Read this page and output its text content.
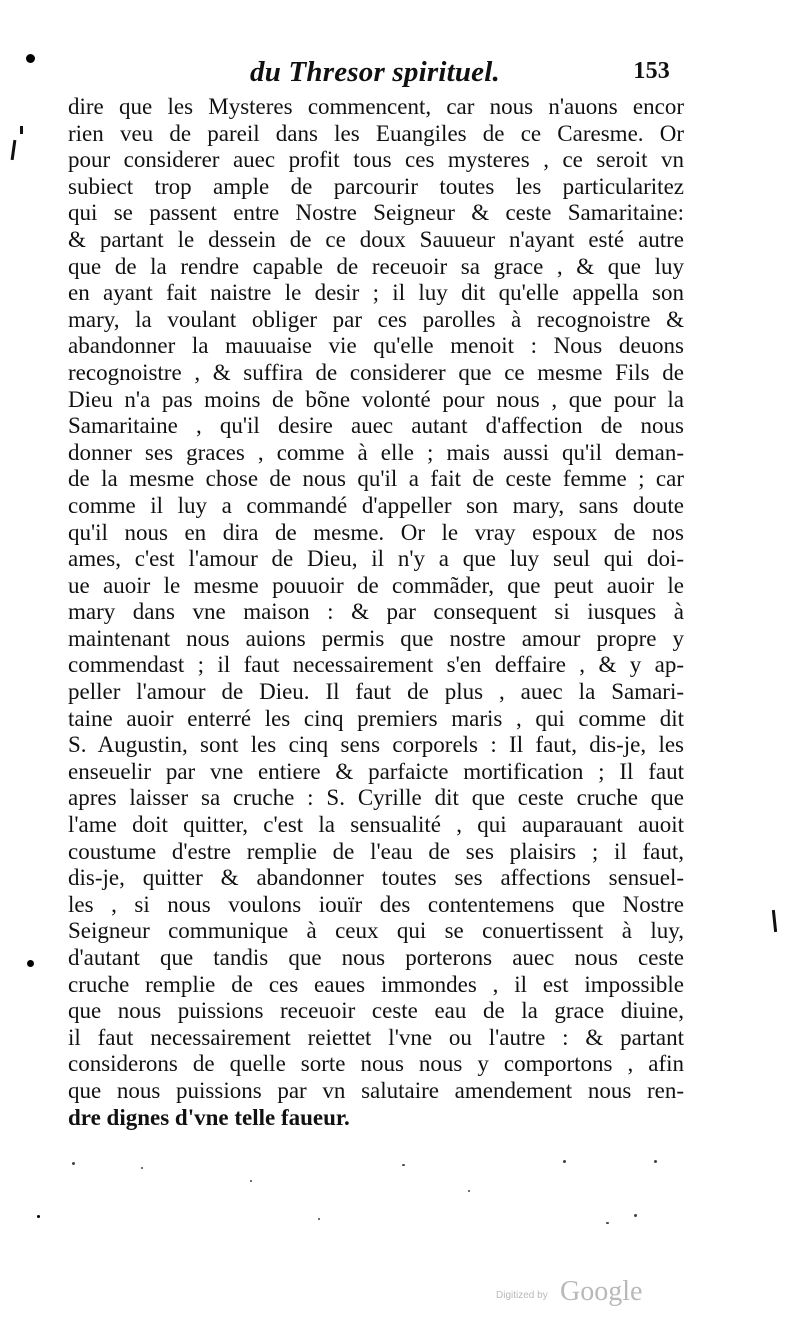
du Thresor spirituel.	153
dire que les Mysteres commencent, car nous n'auons encor
rien veu de pareil dans les Euangiles de ce Caresme. Or
pour considerer auec profit tous ces mysteres , ce seroit vn
subiect trop ample de parcourir toutes les particularitez
qui se passent entre Nostre Seigneur & ceste Samaritaine:
& partant le dessein de ce doux Sauueur n'ayant esté autre
que de la rendre capable de receuoir sa grace , & que luy
en ayant fait naistre le desir ; il luy dit qu'elle appella son
mary, la voulant obliger par ces parolles à recognoistre &
abandonner la mauuaise vie qu'elle menoit : Nous deuons
recognoistre , & suffira de considerer que ce mesme Fils de
Dieu n'a pas moins de bõne volonté pour nous , que pour la
Samaritaine , qu'il desire auec autant d'affection de nous
donner ses graces , comme à elle ; mais aussi qu'il deman-
de la mesme chose de nous qu'il a fait de ceste femme ; car
comme il luy a commandé d'appeller son mary, sans doute
qu'il nous en dira de mesme. Or le vray espoux de nos
ames, c'est l'amour de Dieu, il n'y a que luy seul qui doi-
ue auoir le mesme pouuoir de commãder, que peut auoir le
mary dans vne maison : & par consequent si iusques à
maintenant nous auions permis que nostre amour propre y
commendast ; il faut necessairement s'en deffaire , & y ap-
peller l'amour de Dieu. Il faut de plus , auec la Samari-
taine auoir enterré les cinq premiers maris , qui comme dit
S. Augustin, sont les cinq sens corporels : Il faut, dis-je, les
enseuelir par vne entiere & parfaicte mortification ; Il faut
apres laisser sa cruche : S. Cyrille dit que ceste cruche que
l'ame doit quitter, c'est la sensualité , qui auparauant auoit
coustume d'estre remplie de l'eau de ses plaisirs ; il faut,
dis-je, quitter & abandonner toutes ses affections sensuel-
les , si nous voulons iouïr des contentemens que Nostre
Seigneur communique à ceux qui se conuertissent à luy,
d'autant que tandis que nous porterons auec nous ceste
cruche remplie de ces eaues immondes , il est impossible
que nous puissions receuoir ceste eau de la grace diuine,
il faut necessairement reiettet l'vne ou l'autre : & partant
considerons de quelle sorte nous nous y comportons , afin
que nous puissions par vn salutaire amendement nous ren-
dre dignes d'vne telle faueur.
Digitized by Google
